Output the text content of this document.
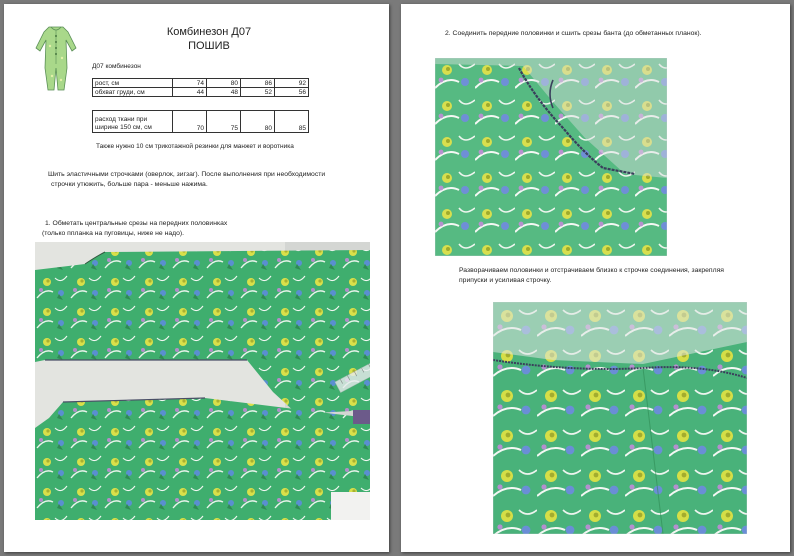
Комбинезон Д07
ПОШИВ
Д07 комбинезон
рост, см	74	80	86	92
обхват груди, см	44	48	52	56
расход ткани при
ширине 150 см, см	70	75	80	85
Также нужно 10 см трикотажной резинки для манжет и воротника
Шить эластичными строчками (оверлок, зигзаг). После выполнения при необходимости
строчки утюжить, больше пара - меньше нажима.
1. Обметать центральные срезы на передних половинках
(только ппланка на пуговицы, ниже не надо).
2. Соединить передние половинки и сшить срезы банта (до обметанных планок).
Разворачиваем половинки и отстрачиваем близко к строчке соединения, закрепляя
припуски и усиливая строчку.
